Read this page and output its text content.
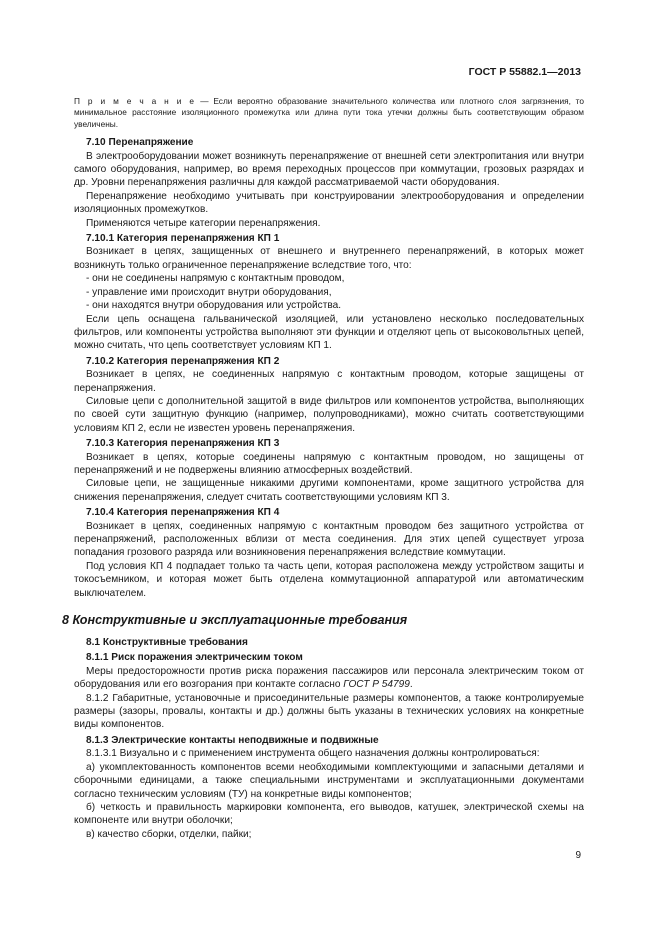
ГОСТ Р 55882.1—2013

П р и м е ч а н и е — Если вероятно образование значительного количества или плотного слоя загрязнения, то минимальное расстояние изоляционного промежутка или длина пути тока утечки должны быть соответствующим образом увеличены.

7.10 Перенапряжение

В электрооборудовании может возникнуть перенапряжение от внешней сети электропитания или внутри самого оборудования, например, во время переходных процессов при коммутации, грозовых разрядах и др. Уровни перенапряжения различны для каждой рассматриваемой части оборудования.

Перенапряжение необходимо учитывать при конструировании электрооборудования и определении изоляционных промежутков.

Применяются четыре категории перенапряжения.

7.10.1 Категория перенапряжения КП 1

Возникает в цепях, защищенных от внешнего и внутреннего перенапряжений, в которых может возникнуть только ограниченное перенапряжение вследствие того, что:

- они не соединены напрямую с контактным проводом,

- управление ими происходит внутри оборудования,

- они находятся внутри оборудования или устройства.

Если цепь оснащена гальванической изоляцией, или установлено несколько последовательных фильтров, или компоненты устройства выполняют эти функции и отделяют цепь от высоковольтных цепей, можно считать, что цепь соответствует условиям КП 1.

7.10.2 Категория перенапряжения КП 2

Возникает в цепях, не соединенных напрямую с контактным проводом, которые защищены от перенапряжения.

Силовые цепи с дополнительной защитой в виде фильтров или компонентов устройства, выполняющих по своей сути защитную функцию (например, полупроводниками), можно считать соответствующими условиям КП 2, если не известен уровень перенапряжения.

7.10.3 Категория перенапряжения КП 3

Возникает в цепях, которые соединены напрямую с контактным проводом, но защищены от перенапряжений и не подвержены влиянию атмосферных воздействий.

Силовые цепи, не защищенные никакими другими компонентами, кроме защитного устройства для снижения перенапряжения, следует считать соответствующими условиям КП 3.

7.10.4 Категория перенапряжения КП 4

Возникает в цепях, соединенных напрямую с контактным проводом без защитного устройства от перенапряжений, расположенных вблизи от места соединения. Для этих цепей существует угроза попадания грозового разряда или возникновения перенапряжения вследствие коммутации.

Под условия КП 4 подпадает только та часть цепи, которая расположена между устройством защиты и токосъемником, и которая может быть отделена коммутационной аппаратурой или автоматическим выключателем.

8 Конструктивные и эксплуатационные требования

8.1 Конструктивные требования

8.1.1 Риск поражения электрическим током

Меры предосторожности против риска поражения пассажиров или персонала электрическим током от оборудования или его возгорания при контакте согласно ГОСТ Р 54799.

8.1.2 Габаритные, установочные и присоединительные размеры компонентов, а также контролируемые размеры (зазоры, провалы, контакты и др.) должны быть указаны в технических условиях на конкретные виды компонентов.

8.1.3 Электрические контакты неподвижные и подвижные

8.1.3.1 Визуально и с применением инструмента общего назначения должны контролироваться:

а) укомплектованность компонентов всеми необходимыми комплектующими и запасными деталями и сборочными единицами, а также специальными инструментами и эксплуатационными документами согласно техническим условиям (ТУ) на конкретные виды компонентов;

б) четкость и правильность маркировки компонента, его выводов, катушек, электрической схемы на компоненте или внутри оболочки;

в) качество сборки, отделки, пайки;

9
